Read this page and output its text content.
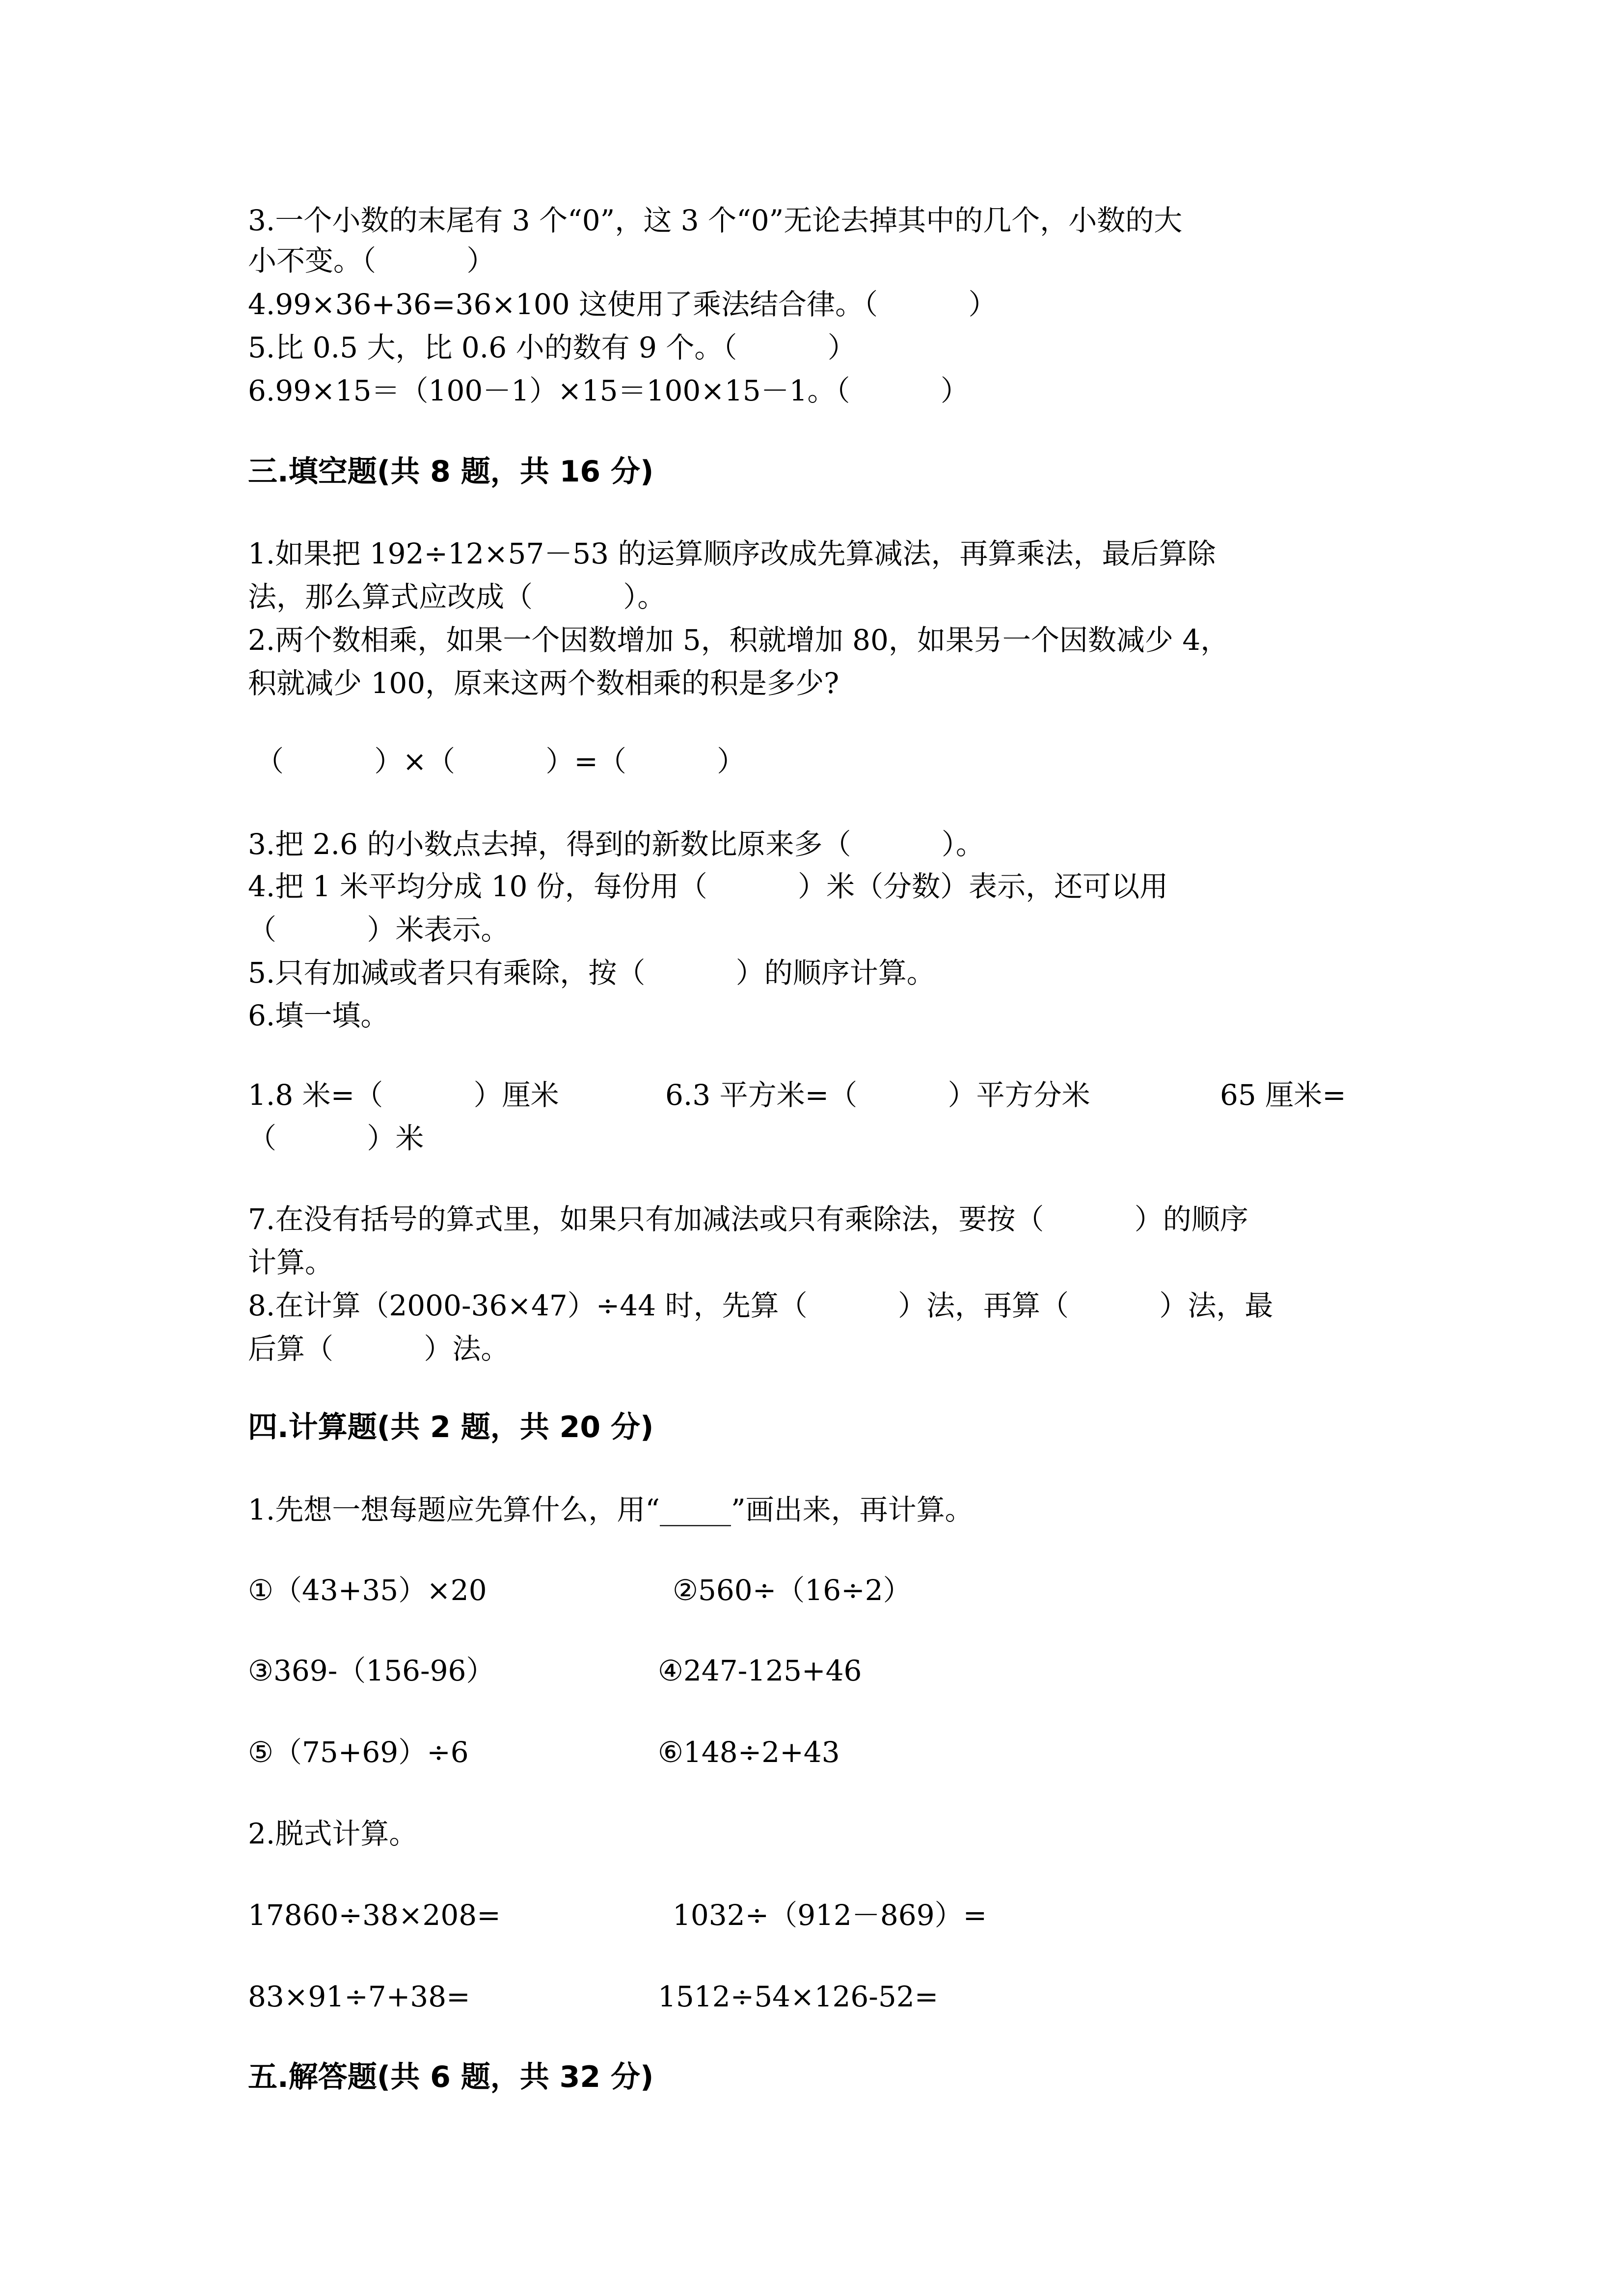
3.一个小数的末尾有 3 个“0”，这 3 个“0”无论去掉其中的几个，小数的大
小不变。（          ）
4.99×36+36=36×100 这使用了乘法结合律。（          ）
5.比 0.5 大，比 0.6 小的数有 9 个。（          ）
6.99×15＝（100－1）×15＝100×15－1。（          ）
三.填空题(共 8 题，共 16 分)
1.如果把 192÷12×57－53 的运算顺序改成先算减法，再算乘法，最后算除
法，那么算式应改成（          ）。
2.两个数相乘，如果一个因数增加 5，积就增加 80，如果另一个因数减少 4，
积就减少 100，原来这两个数相乘的积是多少?
（          ）×（          ）=（          ）
3.把 2.6 的小数点去掉，得到的新数比原来多（          ）。
4.把 1 米平均分成 10 份，每份用（          ）米（分数）表示，还可以用
（          ）米表示。
5.只有加减或者只有乘除，按（          ）的顺序计算。
6.填一填。
1.8 米=（          ）厘米	6.3 平方米=（          ）平方分米	65 厘米=
（          ）米
7.在没有括号的算式里，如果只有加减法或只有乘除法，要按（          ）的顺序
计算。
8.在计算（2000-36×47）÷44 时，先算（          ）法，再算（          ）法，最
后算（          ）法。
四.计算题(共 2 题，共 20 分)
1.先想一想每题应先算什么，用“_____”画出来，再计算。
①（43+35）×20	②560÷（16÷2）
③369-（156-96）	④247-125+46
⑤（75+69）÷6	⑥148÷2+43
2.脱式计算。
17860÷38×208=	1032÷（912－869）=
83×91÷7+38=	1512÷54×126-52=
五.解答题(共 6 题，共 32 分)
